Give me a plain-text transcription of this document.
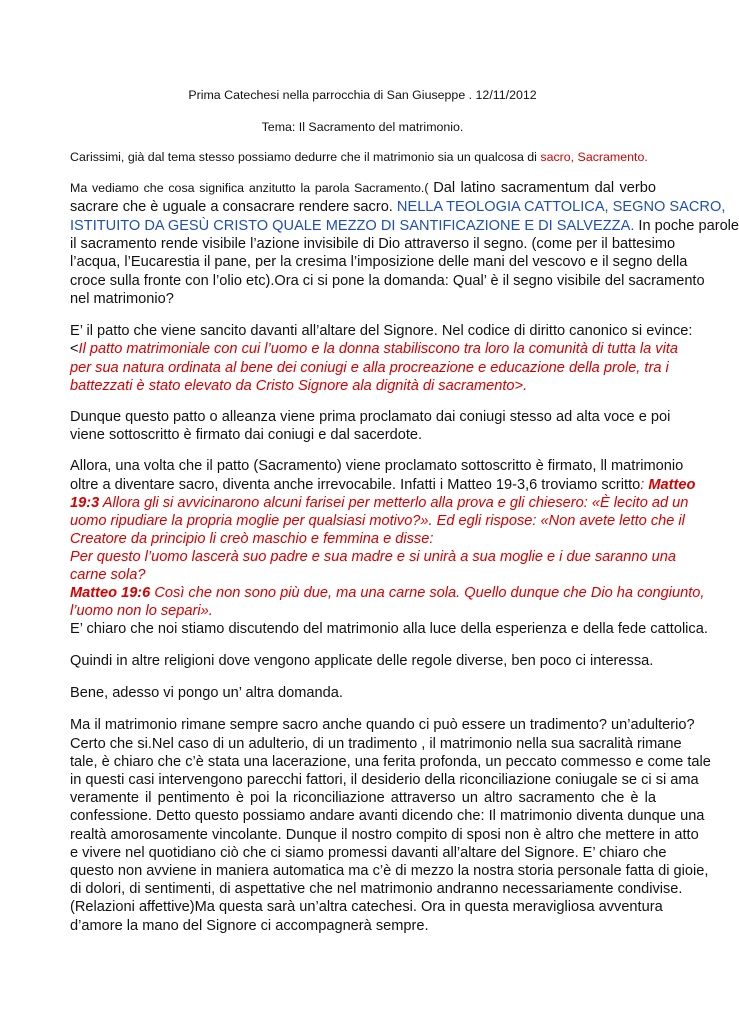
Prima Catechesi nella parrocchia di San Giuseppe . 12/11/2012
Tema: Il Sacramento del matrimonio.
Carissimi, già dal tema stesso possiamo dedurre che il matrimonio sia un qualcosa di sacro, Sacramento.
Ma vediamo che cosa significa anzitutto la parola Sacramento.( Dal latino sacramentum dal verbo
sacrare che è uguale a consacrare rendere sacro. NELLA TEOLOGIA CATTOLICA, SEGNO SACRO,
ISTITUITO DA GESÙ CRISTO QUALE MEZZO DI SANTIFICAZIONE E DI SALVEZZA. In poche parole
il sacramento rende visibile l’azione invisibile di Dio attraverso il segno. (come per il battesimo
l’acqua, l’Eucarestia il pane, per la cresima l’imposizione delle mani del vescovo e il segno della
croce sulla fronte con l’olio etc).Ora ci si pone la domanda: Qual’ è il segno visibile del sacramento
nel matrimonio?
E’ il patto che viene sancito davanti all’altare del Signore. Nel codice di diritto canonico si evince:
<Il patto matrimoniale con cui l’uomo e la donna stabiliscono tra loro la comunità di tutta la vita
per sua natura ordinata al bene dei coniugi e alla procreazione e educazione della prole, tra i
battezzati è stato elevato da Cristo Signore ala dignità di sacramento>.
Dunque questo patto o alleanza viene prima proclamato dai coniugi stesso ad alta voce e poi
viene sottoscritto è firmato dai coniugi e dal sacerdote.
Allora, una volta che il patto (Sacramento) viene proclamato sottoscritto è firmato, ll matrimonio
oltre a diventare sacro, diventa anche irrevocabile. Infatti i Matteo 19-3,6 troviamo scritto: Matteo
19:3 Allora gli si avvicinarono alcuni farisei per metterlo alla prova e gli chiesero: «È lecito ad un
uomo ripudiare la propria moglie per qualsiasi motivo?». Ed egli rispose: «Non avete letto che il
Creatore da principio li creò maschio e femmina e disse:
Per questo l’uomo lascerà suo padre e sua madre e si unirà a sua moglie e i due saranno una
carne sola?
Matteo 19:6 Così che non sono più due, ma una carne sola. Quello dunque che Dio ha congiunto,
l’uomo non lo separi».
E’ chiaro che noi stiamo discutendo del matrimonio alla luce della esperienza e della fede cattolica.
Quindi in altre religioni dove vengono applicate delle regole diverse, ben poco ci interessa.
Bene, adesso vi pongo un’ altra domanda.
Ma il matrimonio rimane sempre sacro anche quando ci può essere un tradimento? un’adulterio?
Certo che si.Nel caso di un adulterio, di un tradimento , il matrimonio nella sua sacralità rimane
tale, è chiaro che c’è stata una lacerazione, una ferita profonda, un peccato commesso e come tale
in questi casi intervengono parecchi fattori, il desiderio della riconciliazione coniugale se ci si ama
veramente il pentimento è poi la riconciliazione attraverso un altro sacramento che è la
confessione. Detto questo possiamo andare avanti dicendo che: Il matrimonio diventa dunque una
realtà amorosamente vincolante. Dunque il nostro compito di sposi non è altro che mettere in atto
e vivere nel quotidiano ciò che ci siamo promessi davanti all’altare del Signore. E’ chiaro che
questo non avviene in maniera automatica ma c’è di mezzo la nostra storia personale fatta di gioie,
di dolori, di sentimenti, di aspettative che nel matrimonio andranno necessariamente condivise.
(Relazioni affettive)Ma questa sarà un’altra catechesi. Ora in questa meravigliosa avventura
d’amore la mano del Signore ci accompagnerà sempre.
